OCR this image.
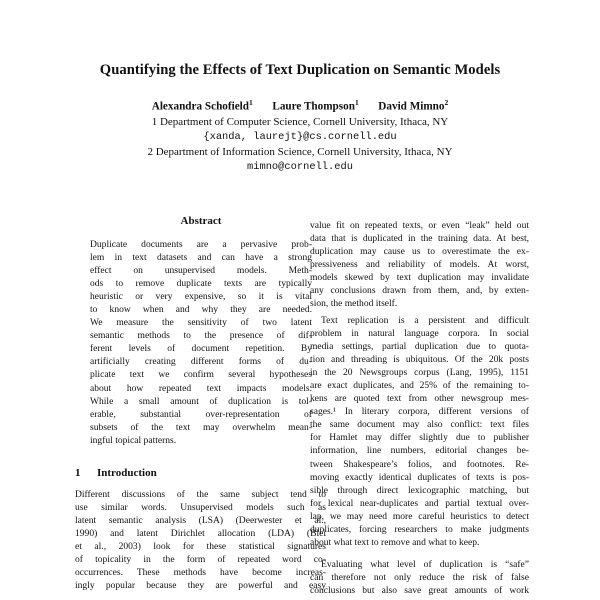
Quantifying the Effects of Text Duplication on Semantic Models
Alexandra Schofield$^1$ Laure Thompson$^1$ David Mimno$^2$
1 Department of Computer Science, Cornell University, Ithaca, NY
{xanda, laurejt}@cs.cornell.edu
2 Department of Information Science, Cornell University, Ithaca, NY
mimno@cornell.edu
Abstract
Duplicate documents are a pervasive prob-
lem in text datasets and can have a strong
effect on unsupervised models. Meth-
ods to remove duplicate texts are typically
heuristic or very expensive, so it is vital
to know when and why they are needed.
We measure the sensitivity of two latent
semantic methods to the presence of dif-
ferent levels of document repetition. By
artificially creating different forms of du-
plicate text we confirm several hypotheses
about how repeated text impacts models.
While a small amount of duplication is tol-
erable, substantial over-representation of
subsets of the text may overwhelm mean-
ingful topical patterns.
1 Introduction
Different discussions of the same subject tend to
use similar words. Unsupervised models such as
latent semantic analysis (LSA) (Deerwester et al.,
1990) and latent Dirichlet allocation (LDA) (Blei
et al., 2003) look for these statistical signatures
of topicality in the form of repeated word co-
occurrences. These methods have become increas-
ingly popular because they are powerful and easy
value fit on repeated texts, or even “leak” held out
data that is duplicated in the training data. At best,
duplication may cause us to overestimate the ex-
pressiveness and reliability of models. At worst,
models skewed by text duplication may invalidate
any conclusions drawn from them, and, by exten-
sion, the method itself.
Text replication is a persistent and difficult
problem in natural language corpora. In social
media settings, partial duplication due to quota-
tion and threading is ubiquitous. Of the 20k posts
in the 20 Newsgroups corpus (Lang, 1995), 1151
are exact duplicates, and 25% of the remaining to-
kens are quoted text from other newsgroup mes-
sages.¹ In literary corpora, different versions of
the same document may also conflict: text files
for Hamlet may differ slightly due to publisher
information, line numbers, editorial changes be-
tween Shakespeare’s folios, and footnotes. Re-
moving exactly identical duplicates of texts is pos-
sible through direct lexicographic matching, but
for lexical near-duplicates and partial textual over-
lap, we may need more careful heuristics to detect
duplicates, forcing researchers to make judgments
about what text to remove and what to keep.
Evaluating what level of duplication is “safe”
can therefore not only reduce the risk of false
conclusions but also save great amounts of work
